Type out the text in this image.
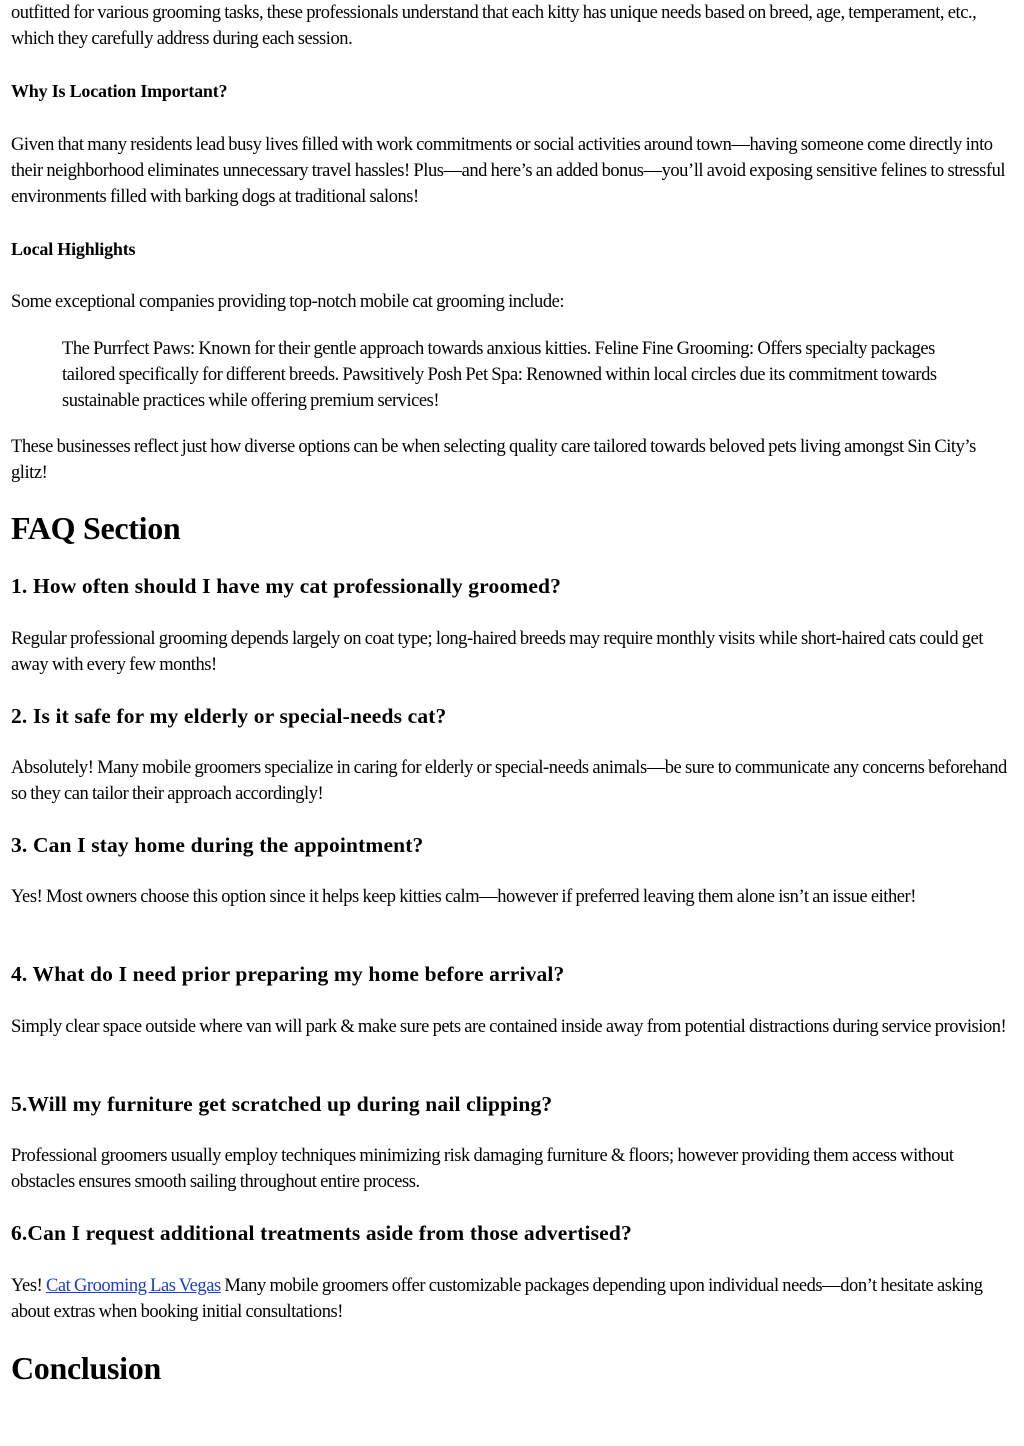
outfitted for various grooming tasks, these professionals understand that each kitty has unique needs based on breed, age, temperament, etc., which they carefully address during each session.

Why Is Location Important?

Given that many residents lead busy lives filled with work commitments or social activities around town—having someone come directly into their neighborhood eliminates unnecessary travel hassles! Plus—and here’s an added bonus—you’ll avoid exposing sensitive felines to stressful environments filled with barking dogs at traditional salons!

Local Highlights

Some exceptional companies providing top-notch mobile cat grooming include:

The Purrfect Paws: Known for their gentle approach towards anxious kitties. Feline Fine Grooming: Offers specialty packages tailored specifically for different breeds. Pawsitively Posh Pet Spa: Renowned within local circles due its commitment towards sustainable practices while offering premium services!

These businesses reflect just how diverse options can be when selecting quality care tailored towards beloved pets living amongst Sin City’s glitz!

FAQ Section
1. How often should I have my cat professionally groomed?

Regular professional grooming depends largely on coat type; long-haired breeds may require monthly visits while short-haired cats could get away with every few months!

2. Is it safe for my elderly or special-needs cat?

Absolutely! Many mobile groomers specialize in caring for elderly or special-needs animals—be sure to communicate any concerns beforehand so they can tailor their approach accordingly!

3. Can I stay home during the appointment?

Yes! Most owners choose this option since it helps keep kitties calm—however if preferred leaving them alone isn’t an issue either!

4. What do I need prior preparing my home before arrival?

Simply clear space outside where van will park & make sure pets are contained inside away from potential distractions during service provision!

5.Will my furniture get scratched up during nail clipping?

Professional groomers usually employ techniques minimizing risk damaging furniture & floors; however providing them access without obstacles ensures smooth sailing throughout entire process.

6.Can I request additional treatments aside from those advertised?

Yes! Cat Grooming Las Vegas Many mobile groomers offer customizable packages depending upon individual needs—don’t hesitate asking about extras when booking initial consultations!

Conclusion
